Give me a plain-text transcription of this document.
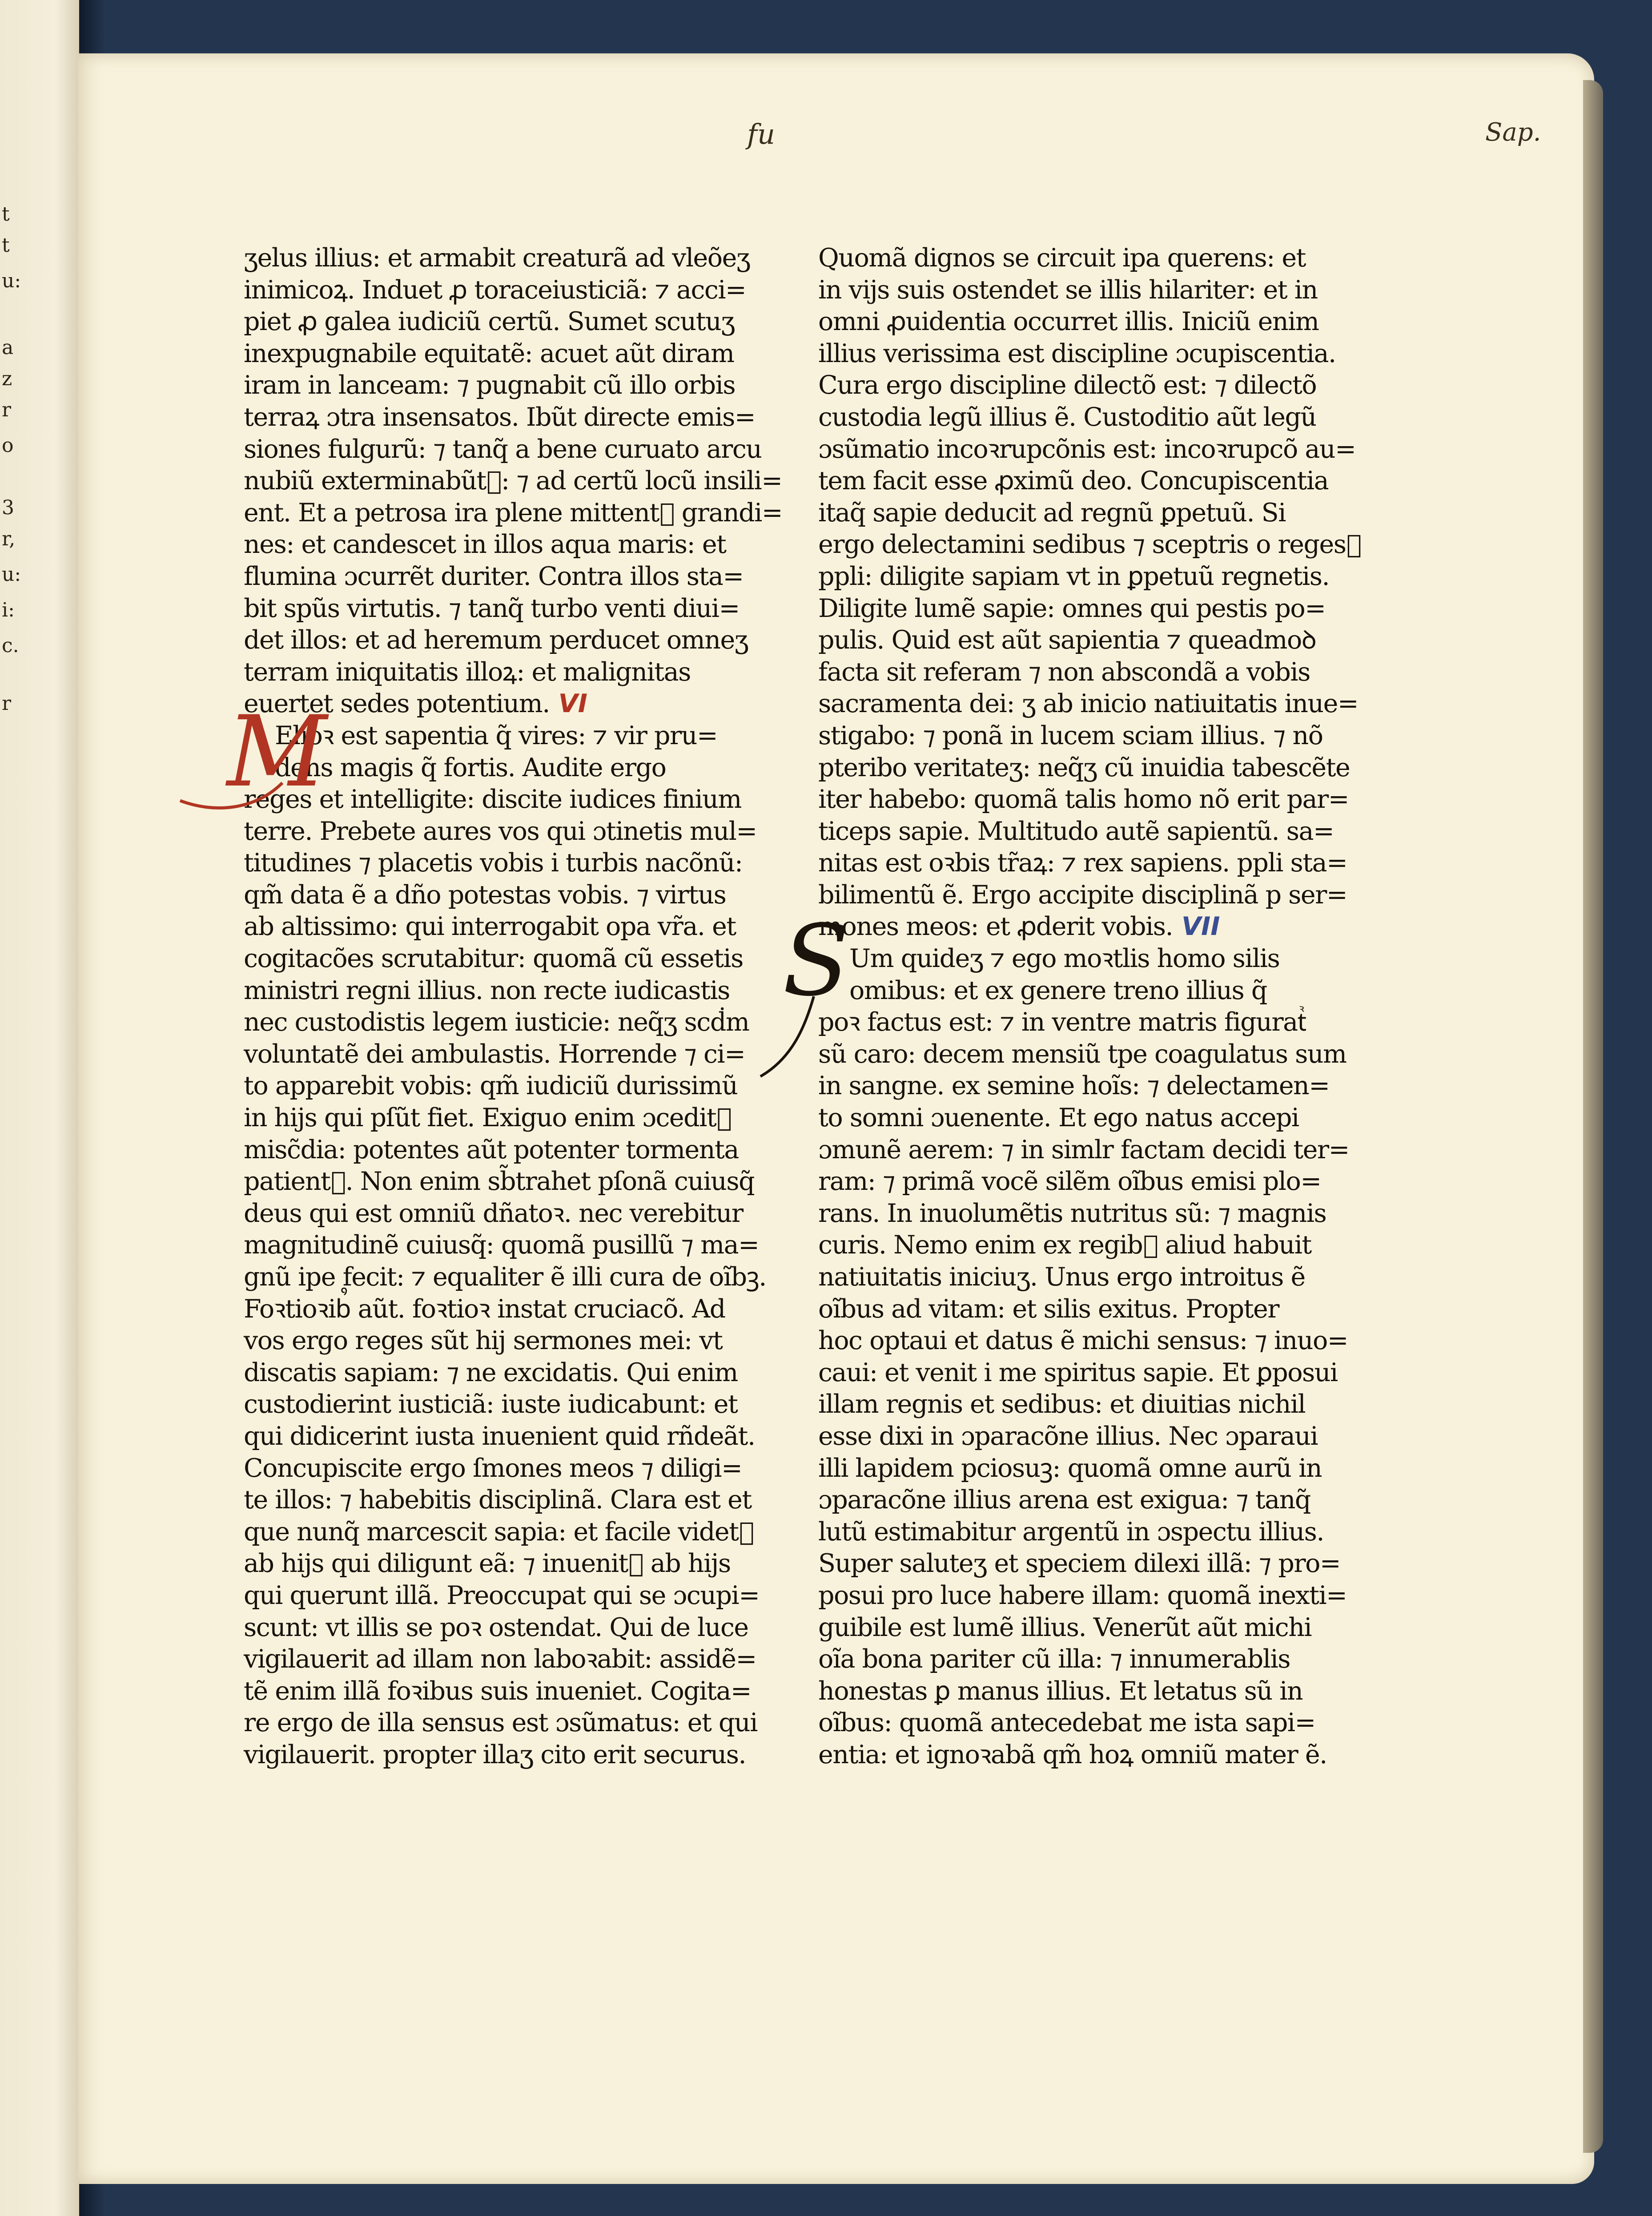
t
t
u:
a
z
r
o
3
r,
u:
i:
c.
r
fu	Sap.
ʒelus illius: et armabit creaturã ad vleõeʒ
inimicoꝝ. Induet ꝓ toraceiusticiã: ⁊ acci=
piet ꝓ galea iudiciũ certũ. Sumet scutuʒ
inexpugnabile equitatẽ: acuet aũt diram
iram in lanceam: ⁊ pugnabit cũ illo orbis
terraꝝ ɔtra insensatos. Ibũt directe emis=
siones fulgurũ: ⁊ tanq̃ a bene curuato arcu
nubiũ exterminabũtᷣ: ⁊ ad certũ locũ insili=
ent. Et a petrosa ira plene mittentᷣ grandi=
nes: et candescet in illos aqua maris: et
flumina ɔcurrẽt duriter. Contra illos sta=
bit spũs virtutis. ⁊ tanq̃ turbo venti diui=
det illos: et ad heremum perducet omneʒ
terram iniquitatis illoꝝ: et malignitas
euertet sedes potentium. VI
Elioꝛ est sapentia q̃ vires: ⁊ vir pru=
dens magis q̃ fortis. Audite ergo
reges et intelligite: discite iudices finium
terre. Prebete aures vos qui ɔtinetis mul=
titudines ⁊ placetis vobis i turbis nacõnũ:
qm̃ data ẽ a dño potestas vobis. ⁊ virtus
ab altissimo: qui interrogabit opa vr̃a. et
cogitacões scrutabitur: quomã cũ essetis
ministri regni illius. non recte iudicastis
nec custodistis legem iusticie: neq̃ʒ scḋm
voluntatẽ dei ambulastis. Horrende ⁊ ci=
to apparebit vobis: qm̃ iudiciũ durissimũ
in hijs qui pſũt fiet. Exiguo enim ɔceditᷣ
misc̃dia: potentes aũt potenter tormenta
patientᷣ. Non enim sb̃trahet pſonã cuiusq̃
deus qui est omniũ dñatoꝛ. nec verebitur
magnitudinẽ cuiusq̃: quomã pusillũ ⁊ ma=
gnũ ipe fecit: ⁊ equaliter ẽ illi cura de oĩbꝫ.
Foꝛtioꝛib᷒ aũt. foꝛtioꝛ instat cruciacõ. Ad
vos ergo reges sũt hij sermones mei: vt
discatis sapiam: ⁊ ne excidatis. Qui enim
custodierint iusticiã: iuste iudicabunt: et
qui didicerint iusta inuenient quid rñdeãt.
Concupiscite ergo ſmones meos ⁊ diligi=
te illos: ⁊ habebitis disciplinã. Clara est et
que nunq̃ marcescit sapia: et facile videtᷣ
ab hijs qui diligunt eã: ⁊ inuenitᷣ ab hijs
qui querunt illã. Preoccupat qui se ɔcupi=
scunt: vt illis se poꝛ ostendat. Qui de luce
vigilauerit ad illam non laboꝛabit: assidẽ=
tẽ enim illã foꝛibus suis inueniet. Cogita=
re ergo de illa sensus est ɔsũmatus: et qui
vigilauerit. propter illaʒ cito erit securus.
Quomã dignos se circuit ipa querens: et
in vijs suis ostendet se illis hilariter: et in
omni ꝓuidentia occurret illis. Iniciũ enim
illius verissima est discipline ɔcupiscentia.
Cura ergo discipline dilectõ est: ⁊ dilectõ
custodia legũ illius ẽ. Custoditio aũt legũ
ɔsũmatio incoꝛrupcõnis est: incoꝛrupcõ au=
tem facit esse ꝓximũ deo. Concupiscentia
itaq̃ sapie deducit ad regnũ ꝑpetuũ. Si
ergo delectamini sedibus ⁊ sceptris o regesᷣ
ppli: diligite sapiam vt in ꝑpetuũ regnetis.
Diligite lumẽ sapie: omnes qui pestis po=
pulis. Quid est aũt sapientia ⁊ queadmoꝺ
facta sit referam ⁊ non abscondã a vobis
sacramenta dei: ʒ ab inicio natiuitatis inue=
stigabo: ⁊ ponã in lucem sciam illius. ⁊ nõ
pteribo veritateʒ: neq̃ʒ cũ inuidia tabescẽte
iter habebo: quomã talis homo nõ erit par=
ticeps sapie. Multitudo autẽ sapientũ. sa=
nitas est oꝛbis tr̃aꝝ: ⁊ rex sapiens. ppli sta=
bilimentũ ẽ. Ergo accipite disciplinã p ser=
mones meos: et ꝓderit vobis. VII
Um quideʒ ⁊ ego moꝛtlis homo silis
omibus: et ex genere treno illius q̃
poꝛ factus est: ⁊ in ventre matris figuratᷣ
sũ caro: decem mensiũ tpe coagulatus sum
in sangne. ex semine hoĩs: ⁊ delectamen=
to somni ɔuenente. Et ego natus accepi
ɔmunẽ aerem: ⁊ in simlr factam decidi ter=
ram: ⁊ primã vocẽ silẽm oĩbus emisi plo=
rans. In inuolumẽtis nutritus sũ: ⁊ magnis
curis. Nemo enim ex regib᷒ aliud habuit
natiuitatis iniciuʒ. Unus ergo introitus ẽ
oĩbus ad vitam: et silis exitus. Propter
hoc optaui et datus ẽ michi sensus: ⁊ inuo=
caui: et venit i me spiritus sapie. Et ꝑposui
illam regnis et sedibus: et diuitias nichil
esse dixi in ɔparacõne illius. Nec ɔparaui
illi lapidem pciosuꝫ: quomã omne aurũ in
ɔparacõne illius arena est exigua: ⁊ tanq̃
lutũ estimabitur argentũ in ɔspectu illius.
Super saluteʒ et speciem dilexi illã: ⁊ pro=
posui pro luce habere illam: quomã inexti=
guibile est lumẽ illius. Venerũt aũt michi
oĩa bona pariter cũ illa: ⁊ innumerablis
honestas ꝑ manus illius. Et letatus sũ in
oĩbus: quomã antecedebat me ista sapi=
entia: et ignoꝛabã qm̃ hoꝝ omniũ mater ẽ.
M
S
